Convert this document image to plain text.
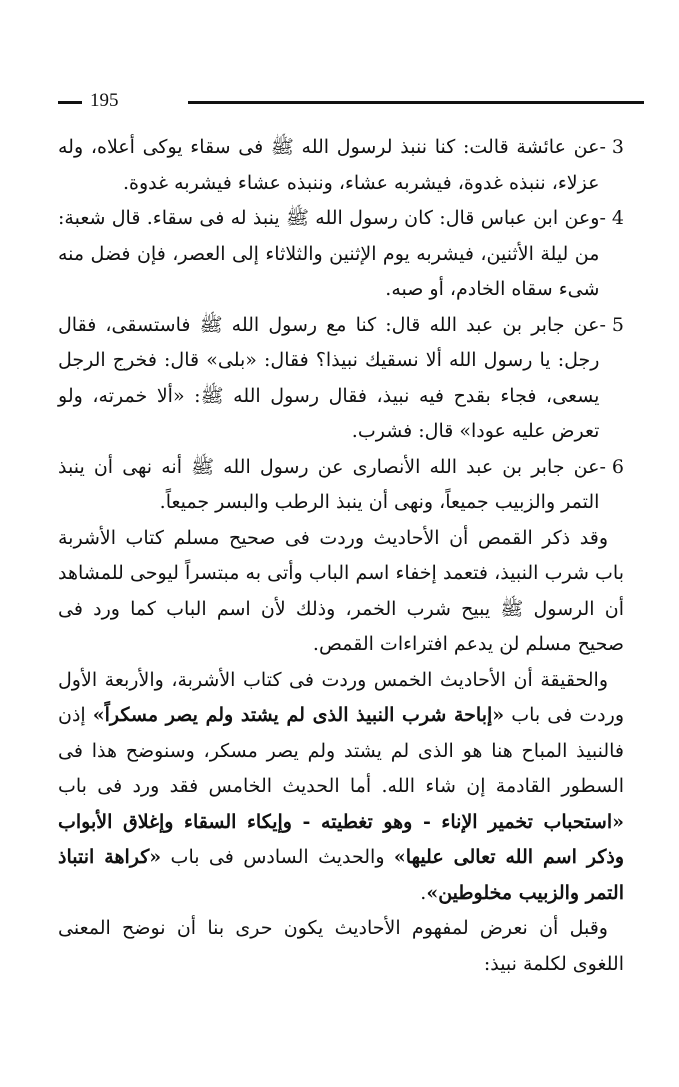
195
3 -
عن عائشة قالت: كنا ننبذ لرسول الله ﷺ فى سقاء يوكى أعلاه، وله عزلاء، ننبذه غدوة، فيشربه عشاء، وننبذه عشاء فيشربه غدوة.
4 -
وعن ابن عباس قال: كان رسول الله ﷺ ينبذ له فى سقاء. قال شعبة: من ليلة الأثنين، فيشربه يوم الإثنين والثلاثاء إلى العصر، فإن فضل منه شىء سقاه الخادم، أو صبه.
5 -
عن جابر بن عبد الله قال: كنا مع رسول الله ﷺ فاستسقى، فقال رجل: يا رسول الله ألا نسقيك نبيذا؟ فقال: «بلى» قال: فخرج الرجل يسعى، فجاء بقدح فيه نبيذ، فقال رسول الله ﷺ: «ألا خمرته، ولو تعرض عليه عودا» قال: فشرب.
6 -
عن جابر بن عبد الله الأنصارى عن رسول الله ﷺ أنه نهى أن ينبذ التمر والزبيب جميعاً، ونهى أن ينبذ الرطب والبسر جميعاً.

وقد ذكر القمص أن الأحاديث وردت فى صحيح مسلم كتاب الأشربة باب شرب النبيذ، فتعمد إخفاء اسم الباب وأتى به مبتسراً ليوحى للمشاهد أن الرسول ﷺ يبيح شرب الخمر، وذلك لأن اسم الباب كما ورد فى صحيح مسلم لن يدعم افتراءات القمص.

والحقيقة أن الأحاديث الخمس وردت فى كتاب الأشربة، والأربعة الأول وردت فى باب «إباحة شرب النبيذ الذى لم يشتد ولم يصر مسكراً» إذن فالنبيذ المباح هنا هو الذى لم يشتد ولم يصر مسكر، وسنوضح هذا فى السطور القادمة إن شاء الله. أما الحديث الخامس فقد ورد فى باب «استحباب تخمير الإناء - وهو تغطيته - وإيكاء السقاء وإغلاق الأبواب وذكر اسم الله تعالى عليها» والحديث السادس فى باب «كراهة انتباذ التمر والزبيب مخلوطين».

وقبل أن نعرض لمفهوم الأحاديث يكون حرى بنا أن نوضح المعنى اللغوى لكلمة نبيذ:
